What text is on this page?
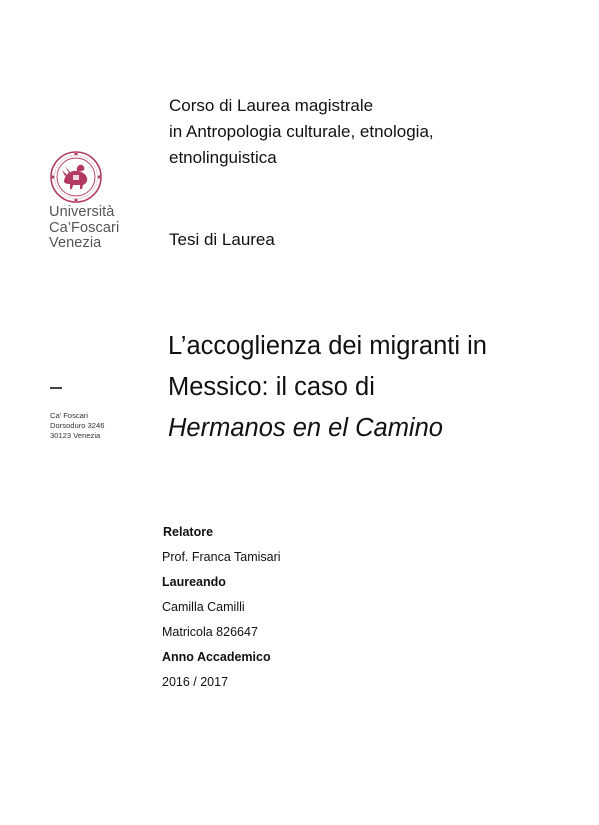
Università
Ca’Foscari
Venezia
Ca’ Foscari
Dorsoduro 3246
30123 Venezia
Corso di Laurea magistrale
in Antropologia culturale, etnologia,
etnolinguistica
Tesi di Laurea
L’accoglienza dei migranti in
Messico: il caso di
Hermanos en el Camino
Relatore
Prof. Franca Tamisari
Laureando
Camilla Camilli
Matricola 826647
Anno Accademico
2016 / 2017
